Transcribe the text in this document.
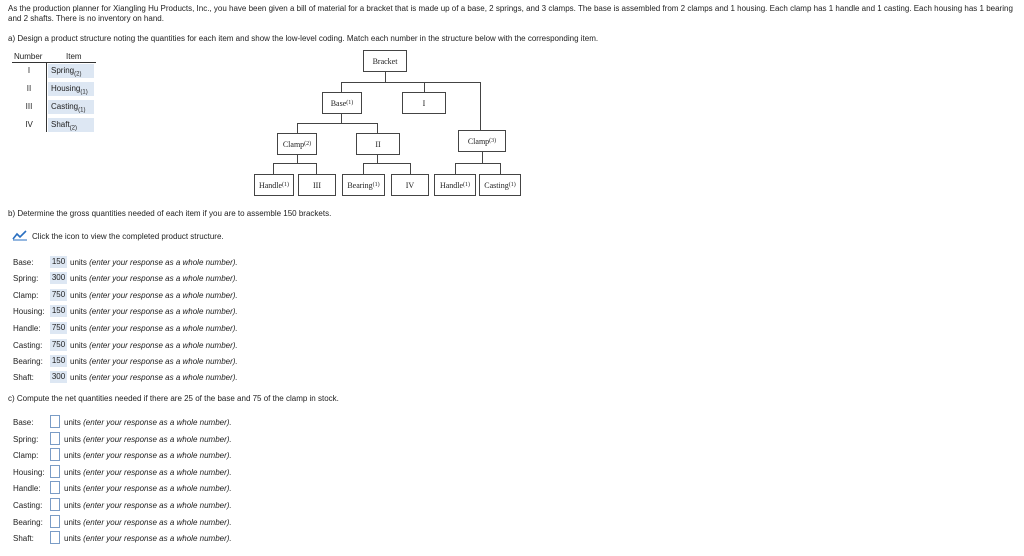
As the production planner for Xiangling Hu Products, Inc., you have been given a bill of material for a bracket that is made up of a base, 2 springs, and 3 clamps. The base is assembled from 2 clamps and 1 housing. Each clamp has 1 handle and 1 casting. Each housing has 1 bearing and 2 shafts. There is no inventory on hand.
a) Design a product structure noting the quantities for each item and show the low-level coding. Match each number in the structure below with the corresponding item.
Number	Item
I	Spring$_{(2)}$
II	Housing$_{(1)}$
III	Casting$_{(1)}$
IV	Shaft$_{(2)}$
Bracket
Base (1)	I
Clamp (2)	II	Clamp (3)
Handle (1)	III	Bearing (1)	IV	Handle (1) Casting (1)
b) Determine the gross quantities needed of each item if you are to assemble 150 brackets.
Click the icon to view the completed product structure.
Base: 150 units (enter your response as a whole number).
Spring: 300 units (enter your response as a whole number).
Clamp: 750 units (enter your response as a whole number).
Housing: 150 units (enter your response as a whole number).
Handle: 750 units (enter your response as a whole number).
Casting: 750 units (enter your response as a whole number).
Bearing: 150 units (enter your response as a whole number).
Shaft: 300 units (enter your response as a whole number).
c) Compute the net quantities needed if there are 25 of the base and 75 of the clamp in stock.
Base:	units (enter your response as a whole number).
Spring:	units (enter your response as a whole number).
Clamp:	units (enter your response as a whole number).
Housing: units (enter your response as a whole number).
Handle:	units (enter your response as a whole number).
Casting:	units (enter your response as a whole number).
Bearing:	units (enter your response as a whole number).
Shaft:	units (enter your response as a whole number).
